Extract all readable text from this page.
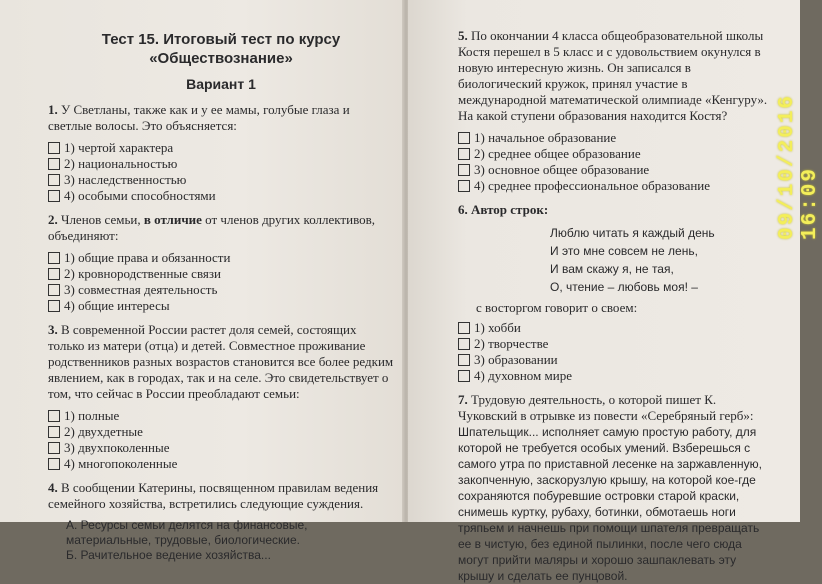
Тест 15. Итоговый тест по курсу
«Обществознание»
Вариант 1

1. У Светланы, также как и у ее мамы, голубые глаза и светлые волосы. Это объясняется:

1) чертой характера
2) национальностью
3) наследственностью
4) особыми способностями

2. Членов семьи, в отличие от членов других коллективов, объединяют:

1) общие права и обязанности
2) кровнородственные связи
3) совместная деятельность
4) общие интересы

3. В современной России растет доля семей, состоящих только из матери (отца) и детей. Совместное проживание родственников разных возрастов становится все более редким явлением, как в городах, так и на селе. Это свидетельствует о том, что сейчас в России преобладают семьи:

1) полные
2) двухдетные
3) двухпоколенные
4) многопоколенные

4. В сообщении Катерины, посвященном правилам ведения семейного хозяйства, встретились следующие суждения.

А. Ресурсы семьи делятся на финансовые, материальные, трудовые, биологические.
Б. Рачительное ведение хозяйства...

5. По окончании 4 класса общеобразовательной школы Костя перешел в 5 класс и с удовольствием окунулся в новую интересную жизнь. Он записался в биологический кружок, принял участие в международной математической олимпиаде «Кенгуру». На какой ступени образования находится Костя?

1) начальное образование
2) среднее общее образование
3) основное общее образование
4) среднее профессиональное образование

6. Автор строк:

Люблю читать я каждый день
И это мне совсем не лень,
И вам скажу я, не тая,
О, чтение – любовь моя! –
с восторгом говорит о своем:
1) хобби
2) творчестве
3) образовании
4) духовном мире

7. Трудовую деятельность, о которой пишет К. Чуковский в отрывке из повести «Серебряный герб»: Шпательщик... исполняет самую простую работу, для которой не требуется особых умений. Взберешься с самого утра по приставной лесенке на заржавленную, закопченную, заскорузлую крышу, на которой кое-где сохраняются побуревшие островки старой краски, снимешь куртку, рубаху, ботинки, обмотаешь ноги тряпьем и начнешь при помощи шпателя превращать ее в чистую, без единой пылинки, после чего сюда могут прийти маляры и хорошо зашпаклевать эту крышу и сделать ее пунцовой.

09/10/2016 16:09
